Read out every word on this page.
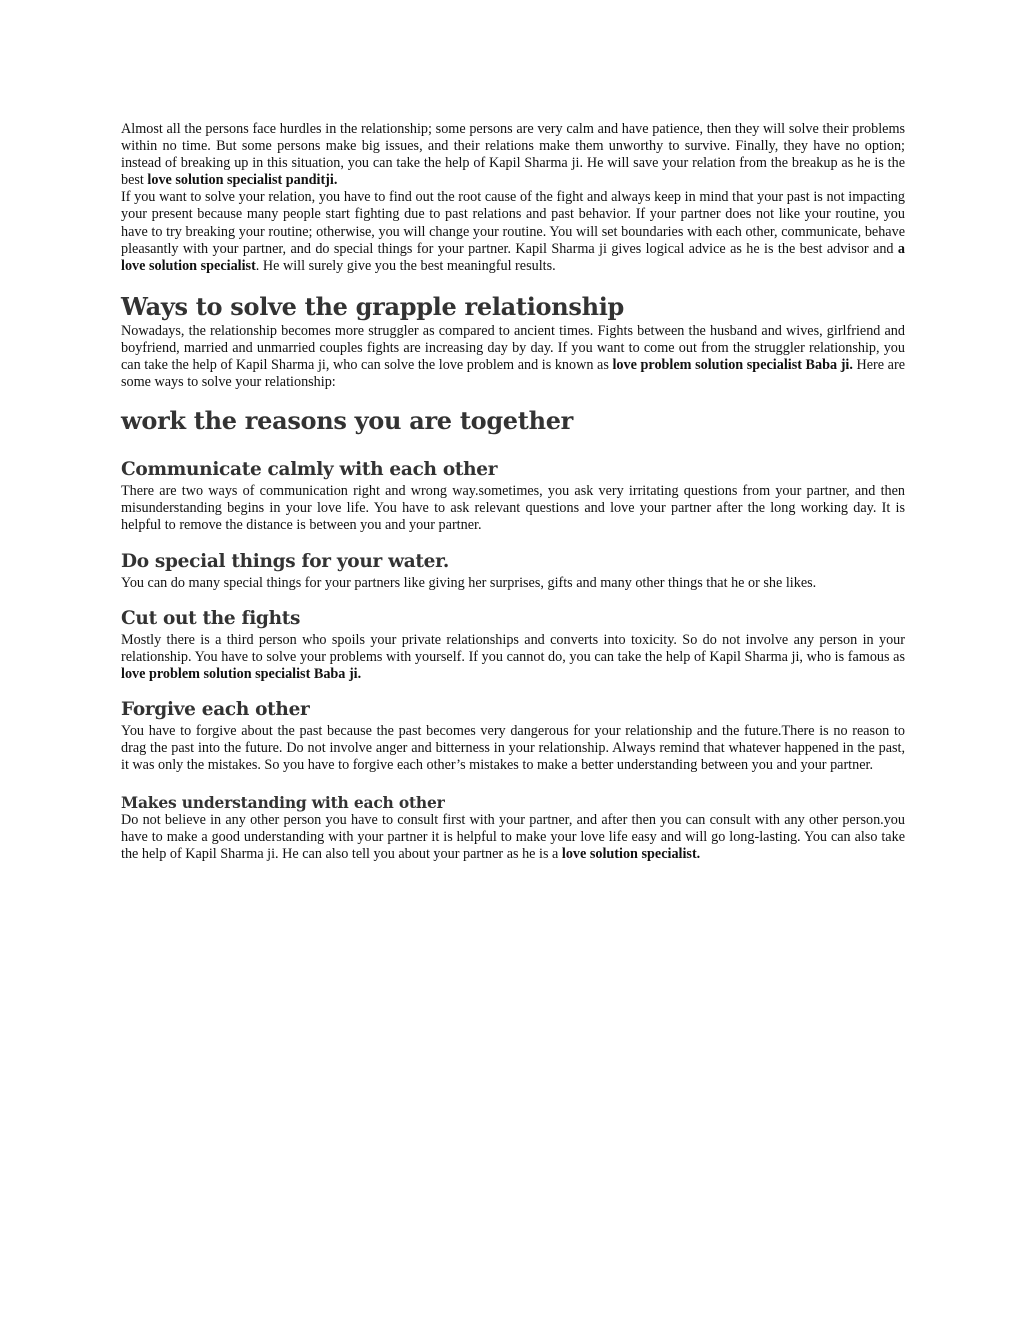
Almost all the persons face hurdles in the relationship; some persons are very calm and have patience, then they will solve their problems within no time. But some persons make big issues, and their relations make them unworthy to survive. Finally, they have no option; instead of breaking up in this situation, you can take the help of Kapil Sharma ji. He will save your relation from the breakup as he is the best love solution specialist panditji.

If you want to solve your relation, you have to find out the root cause of the fight and always keep in mind that your past is not impacting your present because many people start fighting due to past relations and past behavior. If your partner does not like your routine, you have to try breaking your routine; otherwise, you will change your routine. You will set boundaries with each other, communicate, behave pleasantly with your partner, and do special things for your partner. Kapil Sharma ji gives logical advice as he is the best advisor and a love solution specialist. He will surely give you the best meaningful results.

Ways to solve the grapple relationship

Nowadays, the relationship becomes more struggler as compared to ancient times. Fights between the husband and wives, girlfriend and boyfriend, married and unmarried couples fights are increasing day by day. If you want to come out from the struggler relationship, you can take the help of Kapil Sharma ji, who can solve the love problem and is known as love problem solution specialist Baba ji. Here are some ways to solve your relationship:

work the reasons you are together
Communicate calmly with each other

There are two ways of communication right and wrong way.sometimes, you ask very irritating questions from your partner, and then misunderstanding begins in your love life. You have to ask relevant questions and love your partner after the long working day. It is helpful to remove the distance is between you and your partner.

Do special things for your water.

You can do many special things for your partners like giving her surprises, gifts and many other things that he or she likes.

Cut out the fights

Mostly there is a third person who spoils your private relationships and converts into toxicity. So do not involve any person in your relationship. You have to solve your problems with yourself. If you cannot do, you can take the help of Kapil Sharma ji, who is famous as love problem solution specialist Baba ji.

Forgive each other

You have to forgive about the past because the past becomes very dangerous for your relationship and the future.There is no reason to drag the past into the future. Do not involve anger and bitterness in your relationship. Always remind that whatever happened in the past, it was only the mistakes. So you have to forgive each other’s mistakes to make a better understanding between you and your partner.

Makes understanding with each other

Do not believe in any other person you have to consult first with your partner, and after then you can consult with any other person.you have to make a good understanding with your partner it is helpful to make your love life easy and will go long-lasting. You can also take the help of Kapil Sharma ji. He can also tell you about your partner as he is a love solution specialist.
